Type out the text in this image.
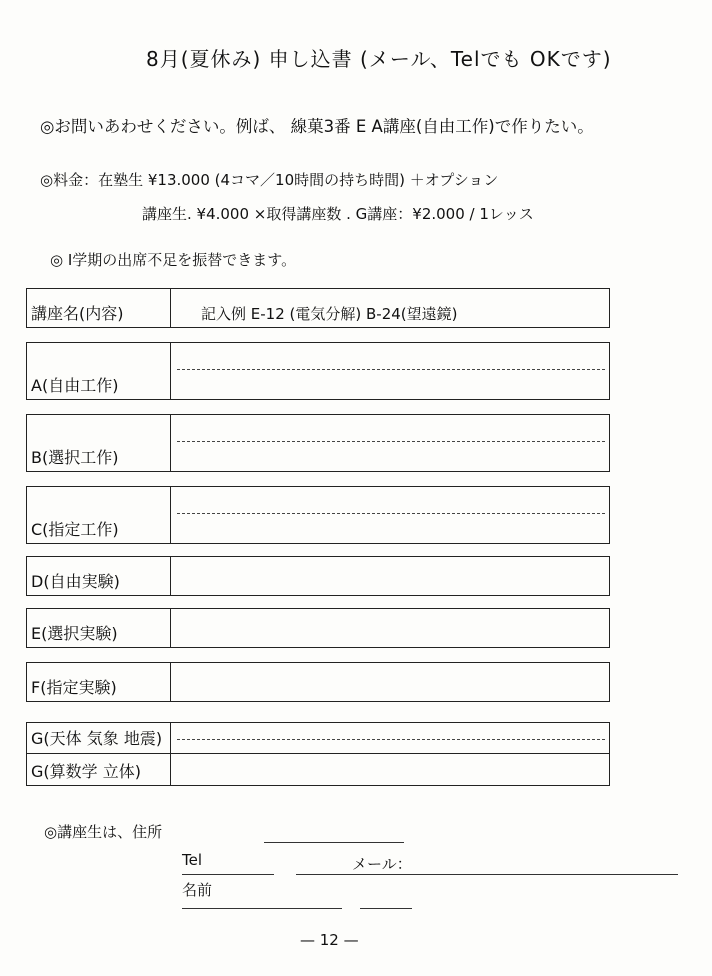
8月(夏休み) 申し込書 (メール、Telでも OKです)
◎お問いあわせください。例ば、 線菓3番 E A講座(自由工作)で作りたい。
◎料金：在塾生 ¥13.000 (4コマ／10時間の持ち時間) ＋オプション
講座生. ¥4.000 ×取得講座数 . G講座：¥2.000 / 1レッス
◎ I学期の出席不足を振替できます。
講座名(内容)	記入例 E-12 (電気分解) B-24(望遠鏡)
A(自由工作)
B(選択工作)
C(指定工作)
D(自由実験)
E(選択実験)
F(指定実験)
G(天体 気象 地震)
G(算数学 立体)
◎講座生は、住所
Tel	メール：
名前
— 12 —
